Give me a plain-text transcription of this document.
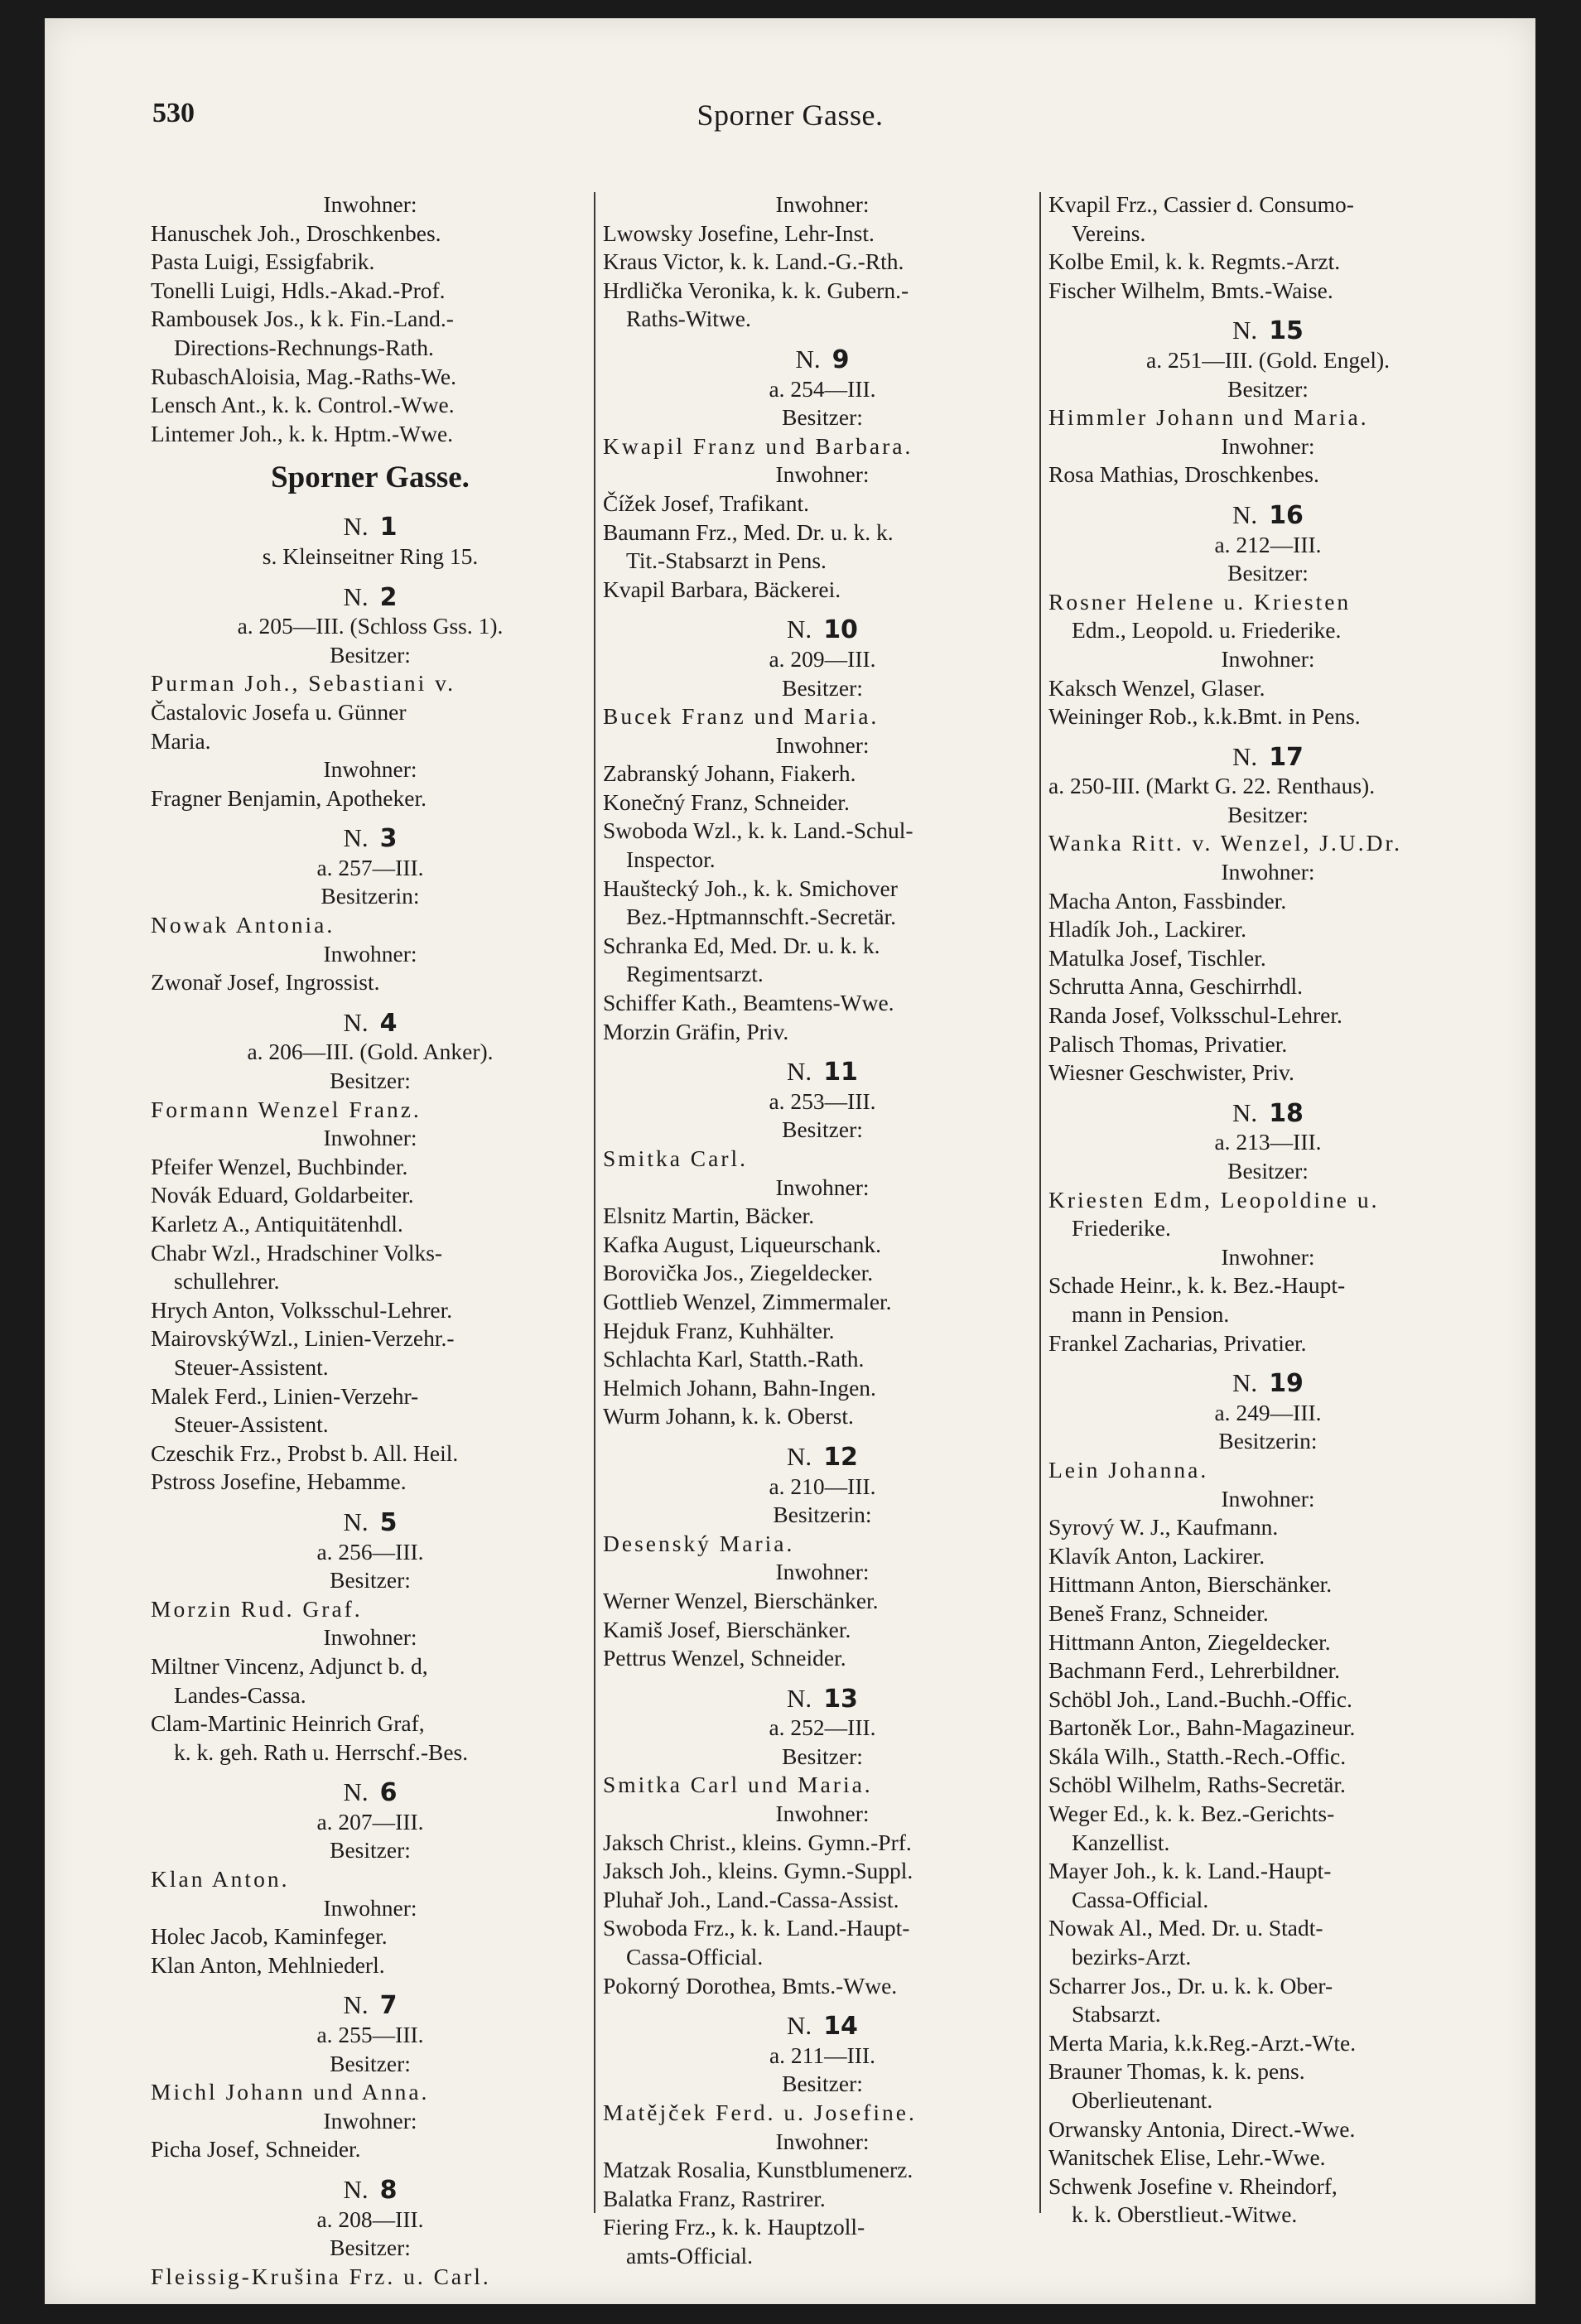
530	Sporner Gasse.
Inwohner:
Hanuschek Joh., Droschkenbes.
Pasta Luigi, Essigfabrik.
Tonelli Luigi, Hdls.-Akad.-Prof.
Rambousek Jos., k k. Fin.-Land.-
Directions-Rechnungs-Rath.
RubaschAloisia, Mag.-Raths-We.
Lensch Ant., k. k. Control.-Wwe.
Lintemer Joh., k. k. Hptm.-Wwe.
Sporner Gasse.
N. 1
s. Kleinseitner Ring 15.
N. 2
a. 205—III. (Schloss Gss. 1).
Besitzer:
Purman Joh., Sebastiani v.
Častalovic Josefa u. Günner
Maria.
Inwohner:
Fragner Benjamin, Apotheker.
N. 3
a. 257—III.
Besitzerin:
Nowak Antonia.
Inwohner:
Zwonař Josef, Ingrossist.
N. 4
a. 206—III. (Gold. Anker).
Besitzer:
Formann Wenzel Franz.
Inwohner:
Pfeifer Wenzel, Buchbinder.
Novák Eduard, Goldarbeiter.
Karletz A., Antiquitätenhdl.
Chabr Wzl., Hradschiner Volks-
schullehrer.
Hrych Anton, Volksschul-Lehrer.
MairovskýWzl., Linien-Verzehr.-
Steuer-Assistent.
Malek Ferd., Linien-Verzehr-
Steuer-Assistent.
Czeschik Frz., Probst b. All. Heil.
Pstross Josefine, Hebamme.
N. 5
a. 256—III.
Besitzer:
Morzin Rud. Graf.
Inwohner:
Miltner Vincenz, Adjunct b. d,
Landes-Cassa.
Clam-Martinic Heinrich Graf,
k. k. geh. Rath u. Herrschf.-Bes.
N. 6
a. 207—III.
Besitzer:
Klan Anton.
Inwohner:
Holec Jacob, Kaminfeger.
Klan Anton, Mehlniederl.
N. 7
a. 255—III.
Besitzer:
Michl Johann und Anna.
Inwohner:
Picha Josef, Schneider.
N. 8
a. 208—III.
Besitzer:
Fleissig-Krušina Frz. u. Carl.
Inwohner:
Lwowsky Josefine, Lehr-Inst.
Kraus Victor, k. k. Land.-G.-Rth.
Hrdlička Veronika, k. k. Gubern.-
Raths-Witwe.
N. 9
a. 254—III.
Besitzer:
Kwapil Franz und Barbara.
Inwohner:
Čížek Josef, Trafikant.
Baumann Frz., Med. Dr. u. k. k.
Tit.-Stabsarzt in Pens.
Kvapil Barbara, Bäckerei.
N. 10
a. 209—III.
Besitzer:
Bucek Franz und Maria.
Inwohner:
Zabranský Johann, Fiakerh.
Konečný Franz, Schneider.
Swoboda Wzl., k. k. Land.-Schul-
Inspector.
Hauštecký Joh., k. k. Smichover
Bez.-Hptmannschft.-Secretär.
Schranka Ed, Med. Dr. u. k. k.
Regimentsarzt.
Schiffer Kath., Beamtens-Wwe.
Morzin Gräfin, Priv.
N. 11
a. 253—III.
Besitzer:
Smitka Carl.
Inwohner:
Elsnitz Martin, Bäcker.
Kafka August, Liqueurschank.
Borovička Jos., Ziegeldecker.
Gottlieb Wenzel, Zimmermaler.
Hejduk Franz, Kuhhälter.
Schlachta Karl, Statth.-Rath.
Helmich Johann, Bahn-Ingen.
Wurm Johann, k. k. Oberst.
N. 12
a. 210—III.
Besitzerin:
Desenský Maria.
Inwohner:
Werner Wenzel, Bierschänker.
Kamiš Josef, Bierschänker.
Pettrus Wenzel, Schneider.
N. 13
a. 252—III.
Besitzer:
Smitka Carl und Maria.
Inwohner:
Jaksch Christ., kleins. Gymn.-Prf.
Jaksch Joh., kleins. Gymn.-Suppl.
Pluhař Joh., Land.-Cassa-Assist.
Swoboda Frz., k. k. Land.-Haupt-
Cassa-Official.
Pokorný Dorothea, Bmts.-Wwe.
N. 14
a. 211—III.
Besitzer:
Matějček Ferd. u. Josefine.
Inwohner:
Matzak Rosalia, Kunstblumenerz.
Balatka Franz, Rastrirer.
Fiering Frz., k. k. Hauptzoll-
amts-Official.
Kvapil Frz., Cassier d. Consumo-
Vereins.
Kolbe Emil, k. k. Regmts.-Arzt.
Fischer Wilhelm, Bmts.-Waise.
N. 15
a. 251—III. (Gold. Engel).
Besitzer:
Himmler Johann und Maria.
Inwohner:
Rosa Mathias, Droschkenbes.
N. 16
a. 212—III.
Besitzer:
Rosner Helene u. Kriesten
Edm., Leopold. u. Friederike.
Inwohner:
Kaksch Wenzel, Glaser.
Weininger Rob., k.k.Bmt. in Pens.
N. 17
a. 250-III. (Markt G. 22. Renthaus).
Besitzer:
Wanka Ritt. v. Wenzel, J.U.Dr.
Inwohner:
Macha Anton, Fassbinder.
Hladík Joh., Lackirer.
Matulka Josef, Tischler.
Schrutta Anna, Geschirrhdl.
Randa Josef, Volksschul-Lehrer.
Palisch Thomas, Privatier.
Wiesner Geschwister, Priv.
N. 18
a. 213—III.
Besitzer:
Kriesten Edm, Leopoldine u.
Friederike.
Inwohner:
Schade Heinr., k. k. Bez.-Haupt-
mann in Pension.
Frankel Zacharias, Privatier.
N. 19
a. 249—III.
Besitzerin:
Lein Johanna.
Inwohner:
Syrový W. J., Kaufmann.
Klavík Anton, Lackirer.
Hittmann Anton, Bierschänker.
Beneš Franz, Schneider.
Hittmann Anton, Ziegeldecker.
Bachmann Ferd., Lehrerbildner.
Schöbl Joh., Land.-Buchh.-Offic.
Bartoněk Lor., Bahn-Magazineur.
Skála Wilh., Statth.-Rech.-Offic.
Schöbl Wilhelm, Raths-Secretär.
Weger Ed., k. k. Bez.-Gerichts-
Kanzellist.
Mayer Joh., k. k. Land.-Haupt-
Cassa-Official.
Nowak Al., Med. Dr. u. Stadt-
bezirks-Arzt.
Scharrer Jos., Dr. u. k. k. Ober-
Stabsarzt.
Merta Maria, k.k.Reg.-Arzt.-Wte.
Brauner Thomas, k. k. pens.
Oberlieutenant.
Orwansky Antonia, Direct.-Wwe.
Wanitschek Elise, Lehr.-Wwe.
Schwenk Josefine v. Rheindorf,
k. k. Oberstlieut.-Witwe.
